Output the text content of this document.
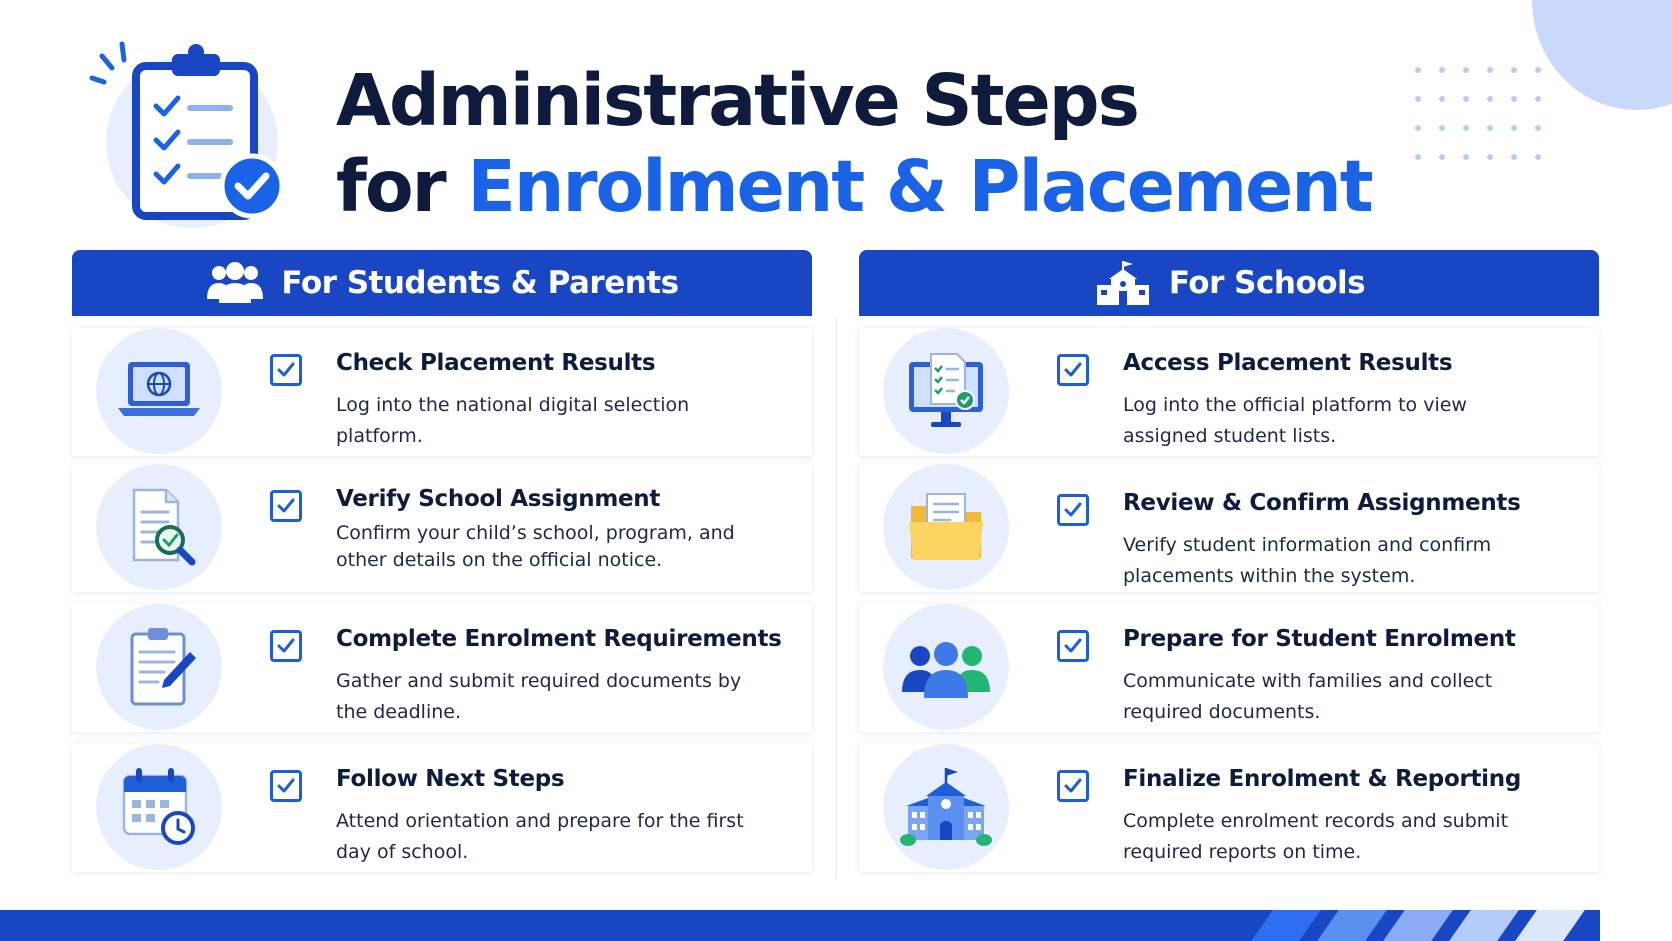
Administrative Steps
for Enrolment & Placement
For Students & Parents
Check Placement Results
Log into the national digital selection platform.
Verify School Assignment
Confirm your child’s school, program, and other details on the official notice.
Complete Enrolment Requirements
Gather and submit required documents by the deadline.
Follow Next Steps
Attend orientation and prepare for the first day of school.
For Schools
Access Placement Results
Log into the official platform to view assigned student lists.
Review & Confirm Assignments
Verify student information and confirm placements within the system.
Prepare for Student Enrolment
Communicate with families and collect required documents.
Finalize Enrolment & Reporting
Complete enrolment records and submit required reports on time.
